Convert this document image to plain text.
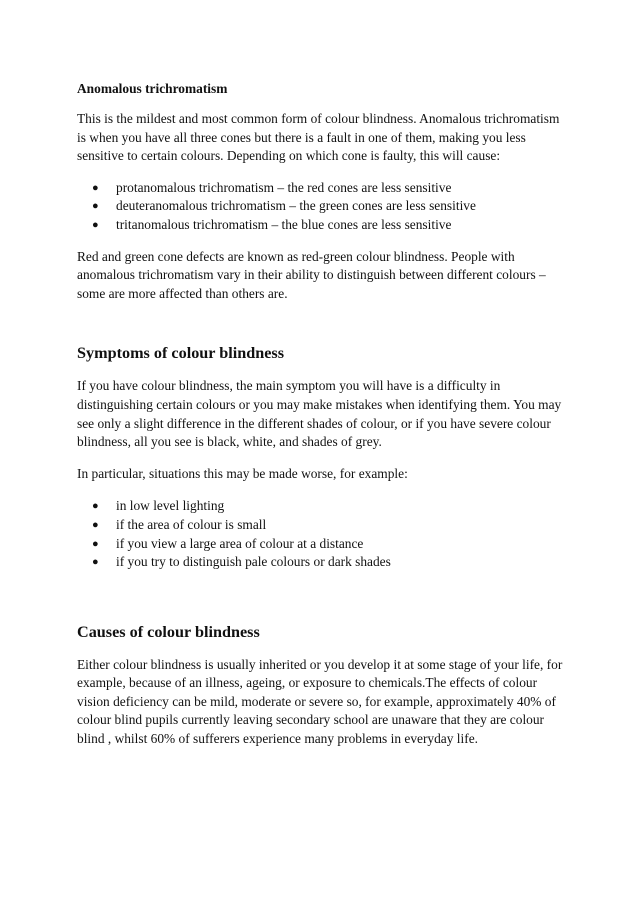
Anomalous trichromatism

This is the mildest and most common form of colour blindness. Anomalous trichromatism is when you have all three cones but there is a fault in one of them, making you less sensitive to certain colours. Depending on which cone is faulty, this will cause:

● protanomalous trichromatism – the red cones are less sensitive
● deuteranomalous trichromatism – the green cones are less sensitive
● tritanomalous trichromatism – the blue cones are less sensitive

Red and green cone defects are known as red-green colour blindness. People with anomalous trichromatism vary in their ability to distinguish between different colours – some are more affected than others are.

Symptoms of colour blindness

If you have colour blindness, the main symptom you will have is a difficulty in distinguishing certain colours or you may make mistakes when identifying them. You may see only a slight difference in the different shades of colour, or if you have severe colour blindness, all you see is black, white, and shades of grey.

In particular, situations this may be made worse, for example:

● in low level lighting
● if the area of colour is small
● if you view a large area of colour at a distance
● if you try to distinguish pale colours or dark shades
Causes of colour blindness

Either colour blindness is usually inherited or you develop it at some stage of your life, for example, because of an illness, ageing, or exposure to chemicals.The effects of colour vision deficiency can be mild, moderate or severe so, for example, approximately 40% of colour blind pupils currently leaving secondary school are unaware that they are colour blind , whilst 60% of sufferers experience many problems in everyday life.
